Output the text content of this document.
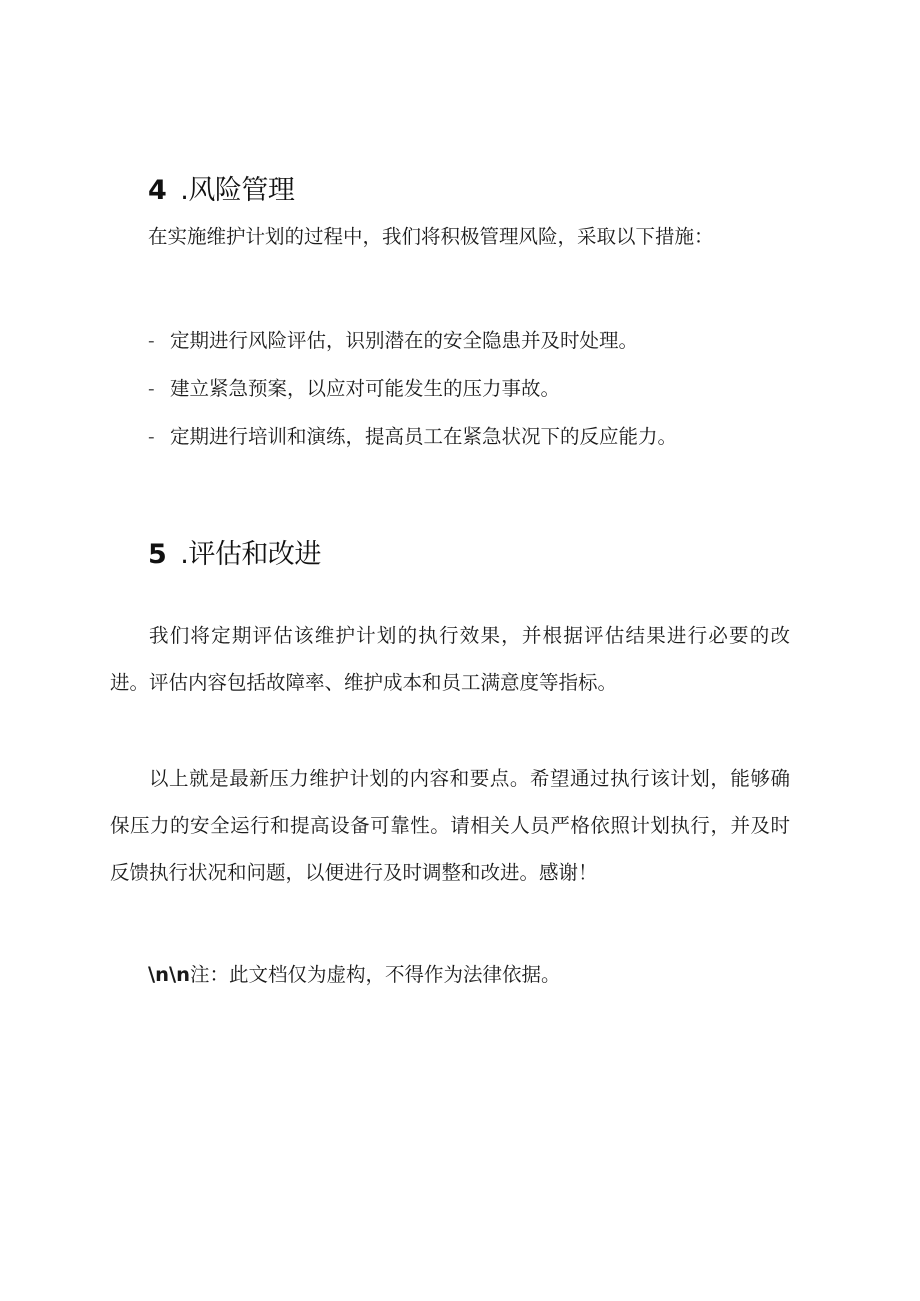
4 .风险管理

在实施维护计划的过程中，我们将积极管理风险，采取以下措施：

- 定期进行风险评估，识别潜在的安全隐患并及时处理。

- 建立紧急预案，以应对可能发生的压力事故。

- 定期进行培训和演练，提高员工在紧急状况下的反应能力。

5 .评估和改进

我们将定期评估该维护计划的执行效果，并根据评估结果进行必要的改进。评估内容包括故障率、维护成本和员工满意度等指标。

以上就是最新压力维护计划的内容和要点。希望通过执行该计划，能够确保压力的安全运行和提高设备可靠性。请相关人员严格依照计划执行，并及时反馈执行状况和问题，以便进行及时调整和改进。感谢！

\n\n注：此文档仅为虚构，不得作为法律依据。
